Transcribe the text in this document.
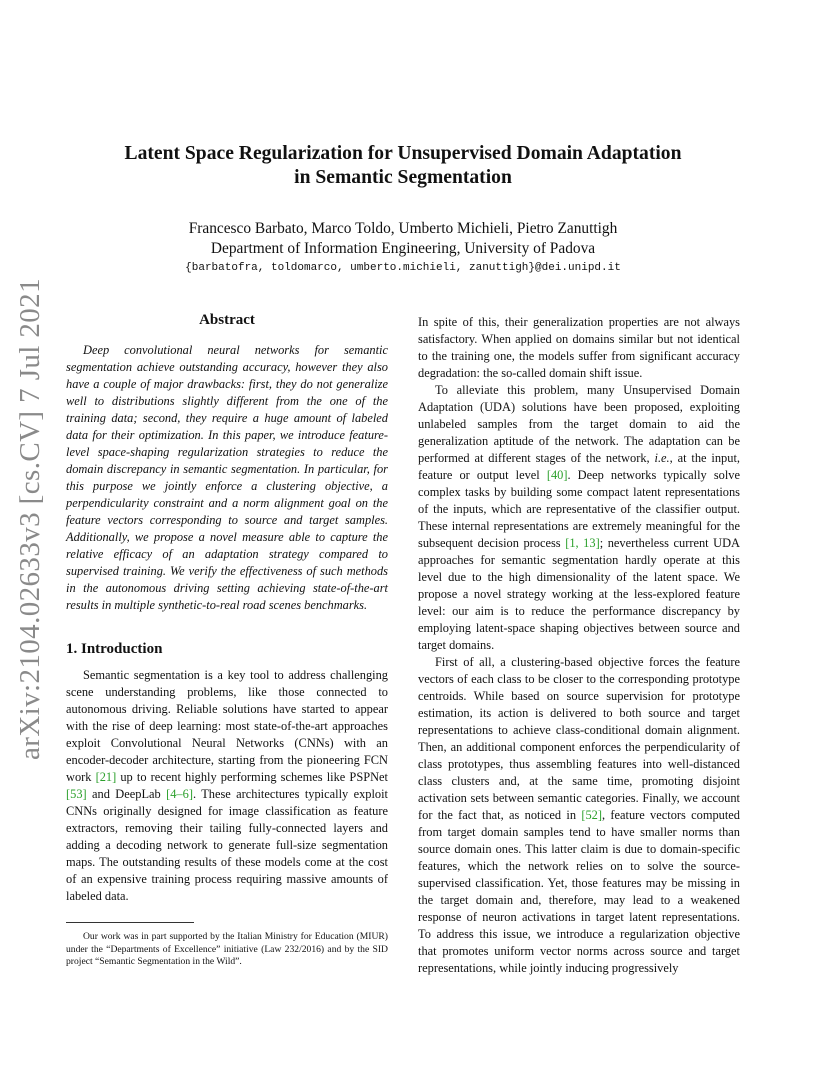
arXiv:2104.02633v3 [cs.CV] 7 Jul 2021
Latent Space Regularization for Unsupervised Domain Adaptation
in Semantic Segmentation
Francesco Barbato, Marco Toldo, Umberto Michieli, Pietro Zanuttigh
Department of Information Engineering, University of Padova
{barbatofra, toldomarco, umberto.michieli, zanuttigh}@dei.unipd.it
Abstract

Deep convolutional neural networks for semantic segmentation achieve outstanding accuracy, however they also have a couple of major drawbacks: first, they do not generalize well to distributions slightly different from the one of the training data; second, they require a huge amount of labeled data for their optimization. In this paper, we introduce feature-level space-shaping regularization strategies to reduce the domain discrepancy in semantic segmentation. In particular, for this purpose we jointly enforce a clustering objective, a perpendicularity constraint and a norm alignment goal on the feature vectors corresponding to source and target samples. Additionally, we propose a novel measure able to capture the relative efficacy of an adaptation strategy compared to supervised training. We verify the effectiveness of such methods in the autonomous driving setting achieving state-of-the-art results in multiple synthetic-to-real road scenes benchmarks.

1. Introduction

Semantic segmentation is a key tool to address challenging scene understanding problems, like those connected to autonomous driving. Reliable solutions have started to appear with the rise of deep learning: most state-of-the-art approaches exploit Convolutional Neural Networks (CNNs) with an encoder-decoder architecture, starting from the pioneering FCN work [21] up to recent highly performing schemes like PSPNet [53] and DeepLab [4–6]. These architectures typically exploit CNNs originally designed for image classification as feature extractors, removing their tailing fully-connected layers and adding a decoding network to generate full-size segmentation maps. The outstanding results of these models come at the cost of an expensive training process requiring massive amounts of labeled data.

Our work was in part supported by the Italian Ministry for Education (MIUR) under the “Departments of Excellence” initiative (Law 232/2016) and by the SID project “Semantic Segmentation in the Wild”.

In spite of this, their generalization properties are not always satisfactory. When applied on domains similar but not identical to the training one, the models suffer from significant accuracy degradation: the so-called domain shift issue.

To alleviate this problem, many Unsupervised Domain Adaptation (UDA) solutions have been proposed, exploiting unlabeled samples from the target domain to aid the generalization aptitude of the network. The adaptation can be performed at different stages of the network, i.e., at the input, feature or output level [40]. Deep networks typically solve complex tasks by building some compact latent representations of the inputs, which are representative of the classifier output. These internal representations are extremely meaningful for the subsequent decision process [1, 13]; nevertheless current UDA approaches for semantic segmentation hardly operate at this level due to the high dimensionality of the latent space. We propose a novel strategy working at the less-explored feature level: our aim is to reduce the performance discrepancy by employing latent-space shaping objectives between source and target domains.

First of all, a clustering-based objective forces the feature vectors of each class to be closer to the corresponding prototype centroids. While based on source supervision for prototype estimation, its action is delivered to both source and target representations to achieve class-conditional domain alignment. Then, an additional component enforces the perpendicularity of class prototypes, thus assembling features into well-distanced class clusters and, at the same time, promoting disjoint activation sets between semantic categories. Finally, we account for the fact that, as noticed in [52], feature vectors computed from target domain samples tend to have smaller norms than source domain ones. This latter claim is due to domain-specific features, which the network relies on to solve the source-supervised classification. Yet, those features may be missing in the target domain and, therefore, may lead to a weakened response of neuron activations in target latent representations. To address this issue, we introduce a regularization objective that promotes uniform vector norms across source and target representations, while jointly inducing progressively
